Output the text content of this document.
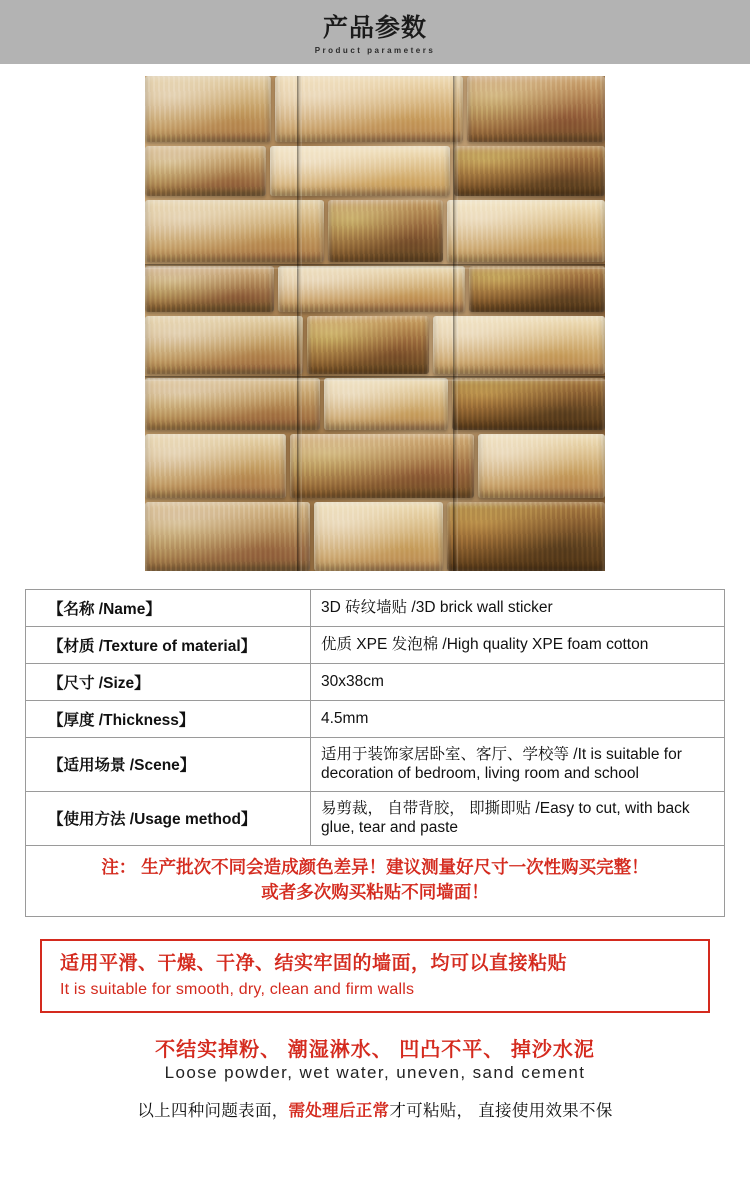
产品参数
Product parameters
【名称 /Name】	3D 砖纹墙贴 /3D brick wall sticker
【材质 /Texture of material】	优质 XPE 发泡棉 /High quality XPE foam cotton
【尺寸 /Size】	30x38cm
【厚度 /Thickness】	4.5mm
【适用场景 /Scene】	适用于装饰家居卧室、客厅、学校等 /It is suitable for decoration of bedroom, living room and school
【使用方法 /Usage method】	易剪裁， 自带背胶， 即撕即贴 /Easy to cut, with back glue, tear and paste

注： 生产批次不同会造成颜色差异！建议测量好尺寸一次性购买完整！
或者多次购买粘贴不同墙面！	
适用平滑、干燥、干净、结实牢固的墙面，均可以直接粘贴
It is suitable for smooth, dry, clean and firm walls
不结实掉粉、 潮湿淋水、 凹凸不平、 掉沙水泥
Loose powder, wet water, uneven, sand cement
以上四种问题表面，需处理后正常才可粘贴， 直接使用效果不保
